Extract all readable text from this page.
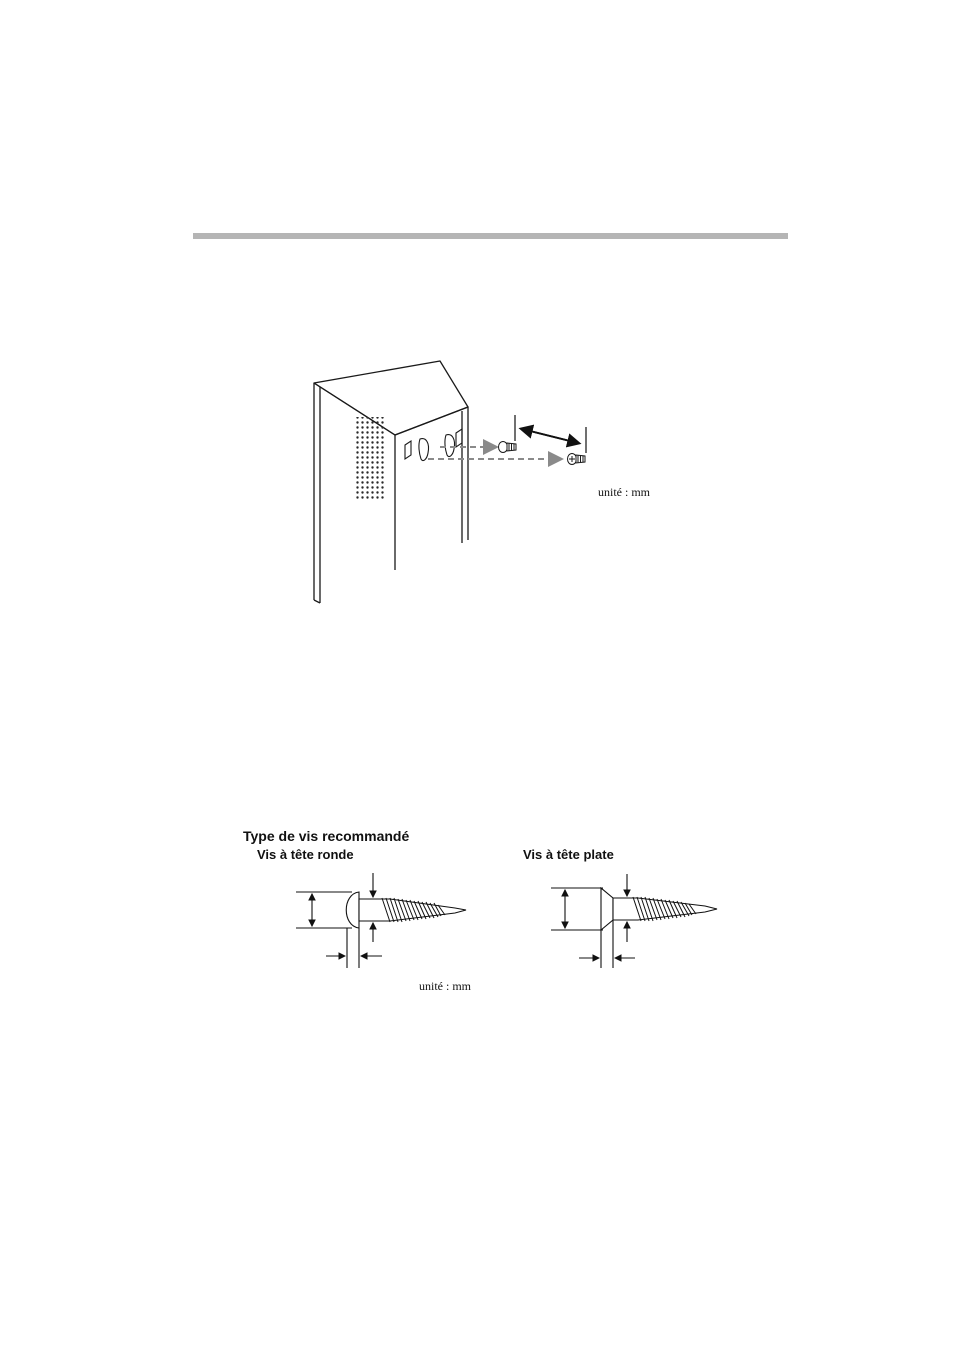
unité : mm
Type de vis recommandé
Vis à tête ronde	Vis à tête plate
unité : mm
